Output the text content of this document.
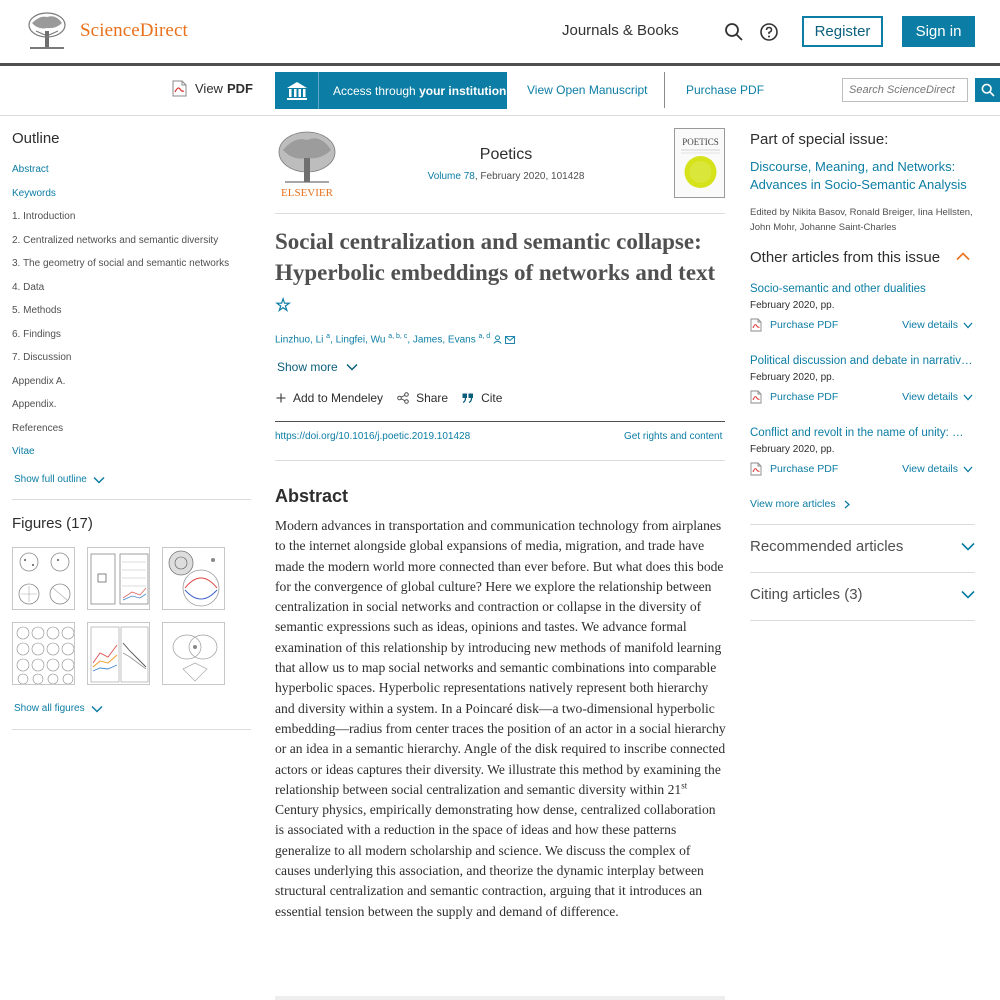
ScienceDirect	Journals & Books	Register	Sign in
View PDF	Access through your institution View Open Manuscript	Purchase PDF
Search ScienceDirect
Outline
Abstract
Keywords
1. Introduction
2. Centralized networks and semantic diversity
3. The geometry of social and semantic networks
4. Data
5. Methods
6. Findings
7. Discussion
Appendix A.
Appendix.
References
Vitae
Show full outline
Figures (17)
Show all figures
ELSEVIER
Poetics
Volume 78, February 2020, 101428
POETICS
Social centralization and semantic collapse: Hyperbolic embeddings of networks and text ☆
Linzhuo, Li $^a$, Lingfei, Wu $^{a, b, c}$, James, Evans $^{a, d}$
Show more
Add to Mendeley	Share	Cite
https://doi.org/10.1016/j.poetic.2019.101428	Get rights and content
Abstract
Modern advances in transportation and communication technology from airplanes to the internet alongside global expansions of media, migration, and trade have made the modern world more connected than ever before. But what does this bode for the convergence of global culture? Here we explore the relationship between centralization in social networks and contraction or collapse in the diversity of semantic expressions such as ideas, opinions and tastes. We advance formal examination of this relationship by introducing new methods of manifold learning that allow us to map social networks and semantic combinations into comparable hyperbolic spaces. Hyperbolic representations natively represent both hierarchy and diversity within a system. In a Poincaré disk—a two-dimensional hyperbolic embedding—radius from center traces the position of an actor in a social hierarchy or an idea in a semantic hierarchy. Angle of the disk required to inscribe connected actors or ideas captures their diversity. We illustrate this method by examining the relationship between social centralization and semantic diversity within 21st Century physics, empirically demonstrating how dense, centralized collaboration is associated with a reduction in the space of ideas and how these patterns generalize to all modern scholarship and science. We discuss the complex of causes underlying this association, and theorize the dynamic interplay between structural centralization and semantic contraction, arguing that it introduces an essential tension between the supply and demand of difference.
Part of special issue:
Discourse, Meaning, and Networks: Advances in Socio-Semantic Analysis
Edited by Nikita Basov, Ronald Breiger, Iina Hellsten, John Mohr, Johanne Saint-Charles
Other articles from this issue
Socio-semantic and other dualities
February 2020, pp.
Purchase PDF	View details
Political discussion and debate in narrativ…
February 2020, pp.
Purchase PDF	View details
Conflict and revolt in the name of unity: …
February 2020, pp.
Purchase PDF	View details
View more articles
Recommended articles
Citing articles (3)
